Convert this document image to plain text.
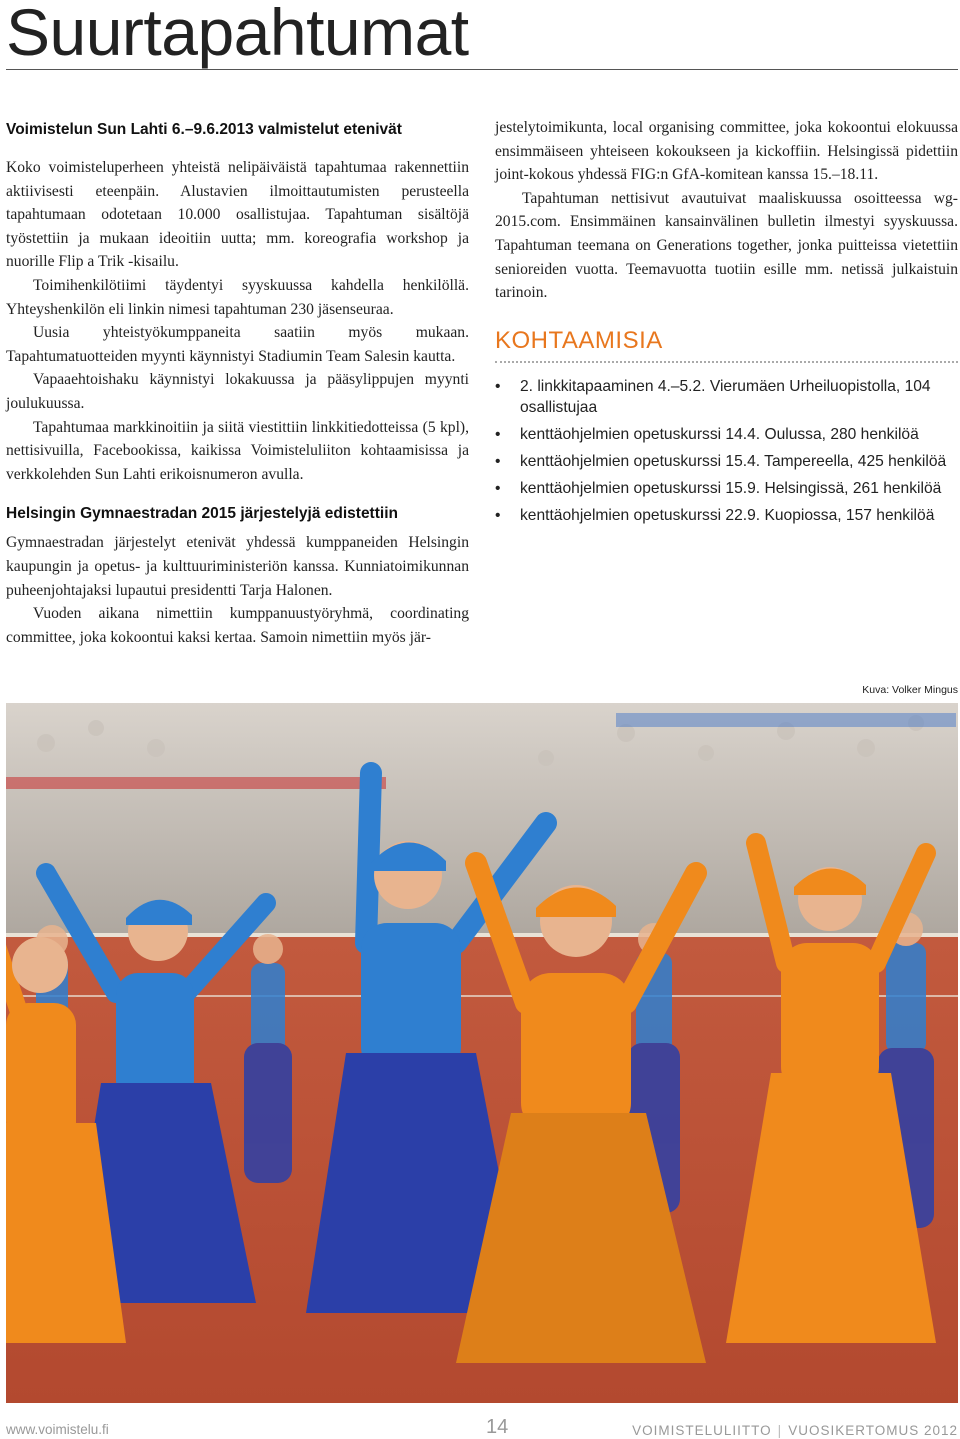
Suurtapahtumat
Voimistelun Sun Lahti 6.–9.6.2013 valmistelut etenivät

Koko voimisteluperheen yhteistä nelipäiväistä tapahtumaa rakennettiin aktiivisesti eteenpäin. Alustavien ilmoittautumisten perusteella tapahtumaan odotetaan 10.000 osallistujaa. Tapahtuman sisältöjä työstettiin ja mukaan ideoitiin uutta; mm. koreografia workshop ja nuorille Flip a Trik -kisailu.

Toimihenkilötiimi täydentyi syyskuussa kahdella henkilöllä. Yhteyshenkilön eli linkin nimesi tapahtuman 230 jäsenseuraa.

Uusia yhteistyökumppaneita saatiin myös mukaan. Tapahtumatuotteiden myynti käynnistyi Stadiumin Team Salesin kautta.

Vapaaehtoishaku käynnistyi lokakuussa ja pääsylippujen myynti joulukuussa.

Tapahtumaa markkinoitiin ja siitä viestittiin linkkitiedotteissa (5 kpl), nettisivuilla, Facebookissa, kaikissa Voimisteluliiton kohtaamisissa ja verkkolehden Sun Lahti erikoisnumeron avulla.

Helsingin Gymnaestradan 2015 järjestelyjä edistettiin

Gymnaestradan järjestelyt etenivät yhdessä kumppaneiden Helsingin kaupungin ja opetus- ja kulttuuriministeriön kanssa. Kunniatoimikunnan puheenjohtajaksi lupautui presidentti Tarja Halonen.

Vuoden aikana nimettiin kumppanuustyöryhmä, coordinating committee, joka kokoontui kaksi kertaa. Samoin nimettiin myös jär-

jestelytoimikunta, local organising committee, joka kokoontui elokuussa ensimmäiseen yhteiseen kokoukseen ja kickoffiin. Helsingissä pidettiin joint-kokous yhdessä FIG:n GfA-komitean kanssa 15.–18.11.

Tapahtuman nettisivut avautuivat maaliskuussa osoitteessa wg-2015.com. Ensimmäinen kansainvälinen bulletin ilmestyi syyskuussa. Tapahtuman teemana on Generations together, jonka puitteissa vietettiin senioreiden vuotta. Teemavuotta tuotiin esille mm. netissä julkaistuin tarinoin.

KOHTAAMISIA
• 2. linkkitapaaminen 4.–5.2. Vierumäen Urheiluopistolla, 104 osallistujaa
• kenttäohjelmien opetuskurssi 14.4. Oulussa, 280 henkilöä
• kenttäohjelmien opetuskurssi 15.4. Tampereella, 425 henkilöä
• kenttäohjelmien opetuskurssi 15.9. Helsingissä, 261 henkilöä
• kenttäohjelmien opetuskurssi 22.9. Kuopiossa, 157 henkilöä
Kuva: Volker Mingus
www.voimistelu.fi	14	VOIMISTELULIITTO | VUOSIKERTOMUS 2012
